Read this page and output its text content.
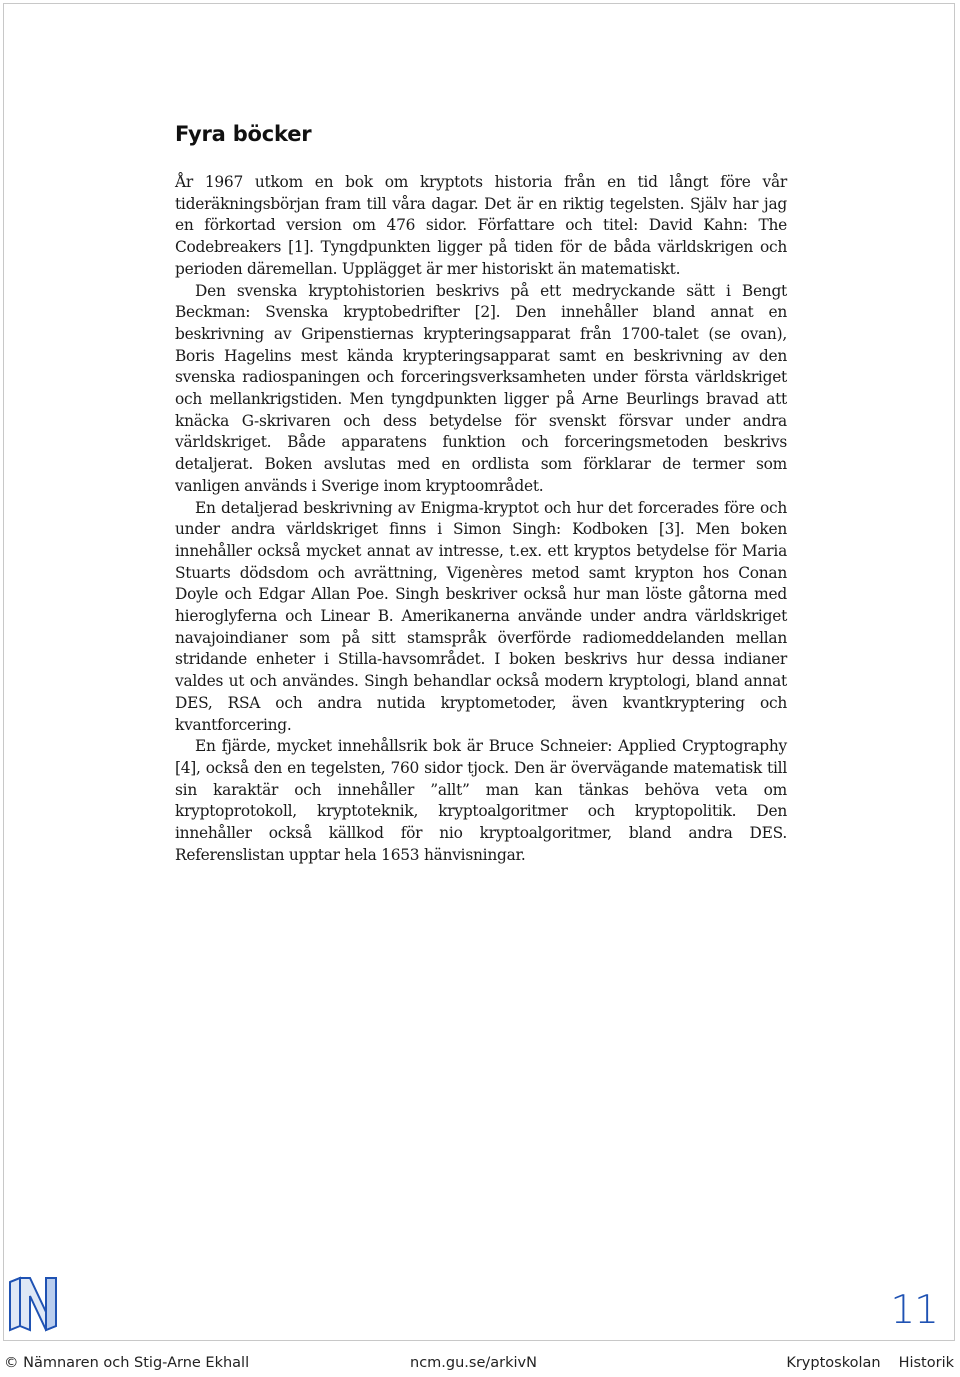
Fyra böcker

År 1967 utkom en bok om kryptots historia från en tid långt före vår tideräkningsbörjan fram till våra dagar. Det är en riktig tegelsten. Själv har jag en förkortad version om 476 sidor. Författare och titel: David Kahn: The Codebreakers [1]. Tyngdpunkten ligger på tiden för de båda världskrigen och perioden däremellan. Upplägget är mer historiskt än matematiskt.

Den svenska kryptohistorien beskrivs på ett medryckande sätt i Bengt Beckman: Svenska kryptobedrifter [2]. Den innehåller bland annat en beskrivning av Gripenstiernas krypteringsapparat från 1700-talet (se ovan), Boris Hagelins mest kända krypteringsapparat samt en beskrivning av den svenska radiospaningen och forceringsverksamheten under första världskriget och mellankrigstiden. Men tyngdpunkten ligger på Arne Beurlings bravad att knäcka G-skrivaren och dess betydelse för svenskt försvar under andra världskriget. Både apparatens funktion och forceringsmetoden beskrivs detaljerat. Boken avslutas med en ordlista som förklarar de termer som vanligen används i Sverige inom kryptoområdet.

En detaljerad beskrivning av Enigma-kryptot och hur det forcerades före och under andra världskriget finns i Simon Singh: Kodboken [3]. Men boken innehåller också mycket annat av intresse, t.ex. ett kryptos betydelse för Maria Stuarts dödsdom och avrättning, Vigenères metod samt krypton hos Conan Doyle och Edgar Allan Poe. Singh beskriver också hur man löste gåtorna med hieroglyferna och Linear B. Amerikanerna använde under andra världskriget navajoindianer som på sitt stamspråk överförde radiomeddelanden mellan stridande enheter i Stilla-havsområdet. I boken beskrivs hur dessa indianer valdes ut och användes. Singh behandlar också modern kryptologi, bland annat DES, RSA och andra nutida kryptometoder, även kvantkryptering och kvantforcering.

En fjärde, mycket innehållsrik bok är Bruce Schneier: Applied Cryptography [4], också den en tegelsten, 760 sidor tjock. Den är övervägande matematisk till sin karaktär och innehåller ”allt” man kan tänkas behöva veta om kryptoprotokoll, kryptoteknik, kryptoalgoritmer och kryptopolitik. Den innehåller också källkod för nio kryptoalgoritmer, bland andra DES. Referenslistan upptar hela 1653 hänvisningar.

11
© Nämnaren och Stig-Arne Ekhall	ncm.gu.se/arkivN	Kryptoskolan Historik
